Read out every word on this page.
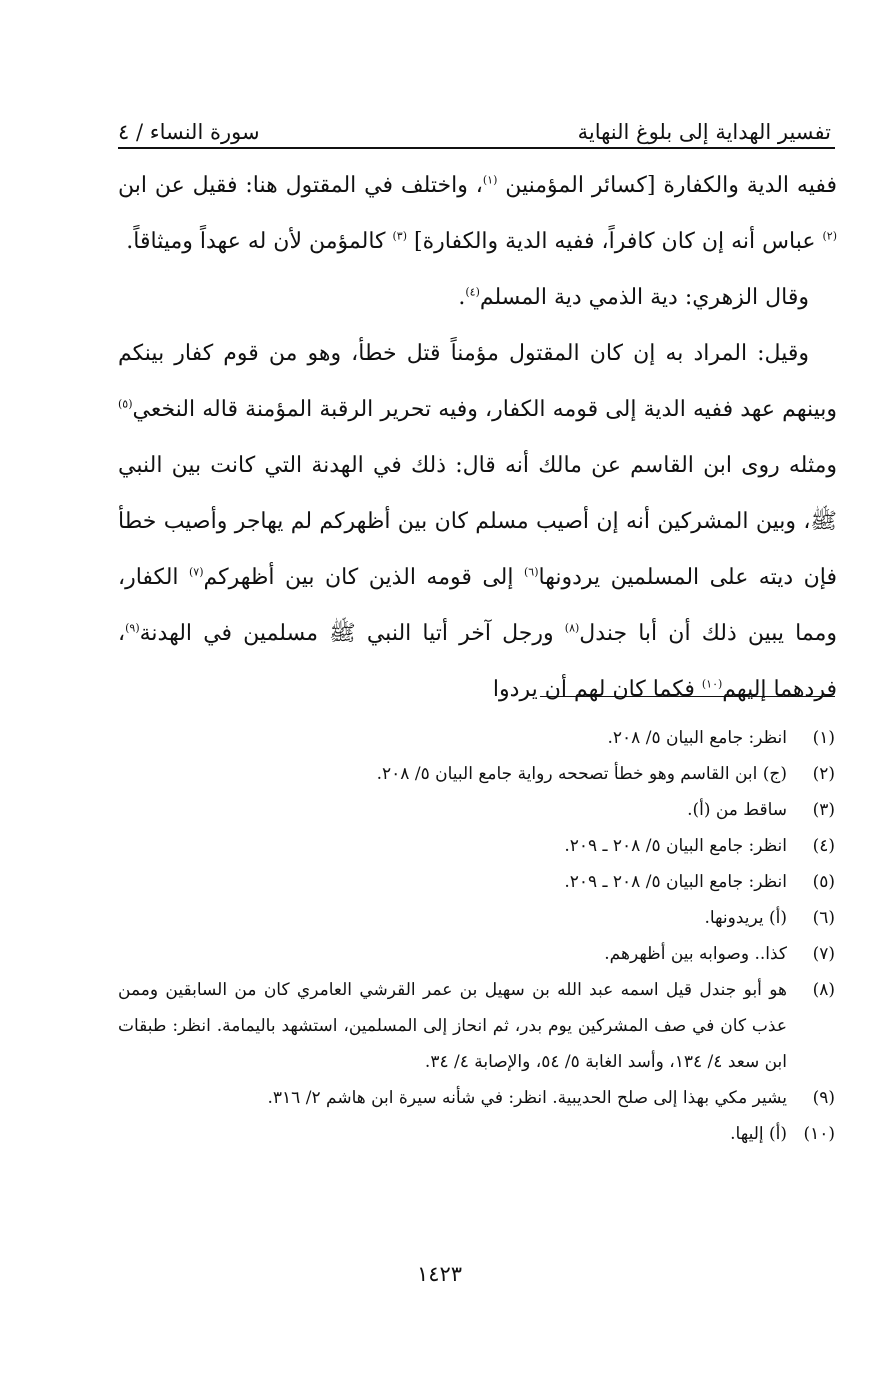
تفسير الهداية إلى بلوغ النهاية
سورة النساء / ٤

ففيه الدية والكفارة [كسائر المؤمنين $^{(١)}$، واختلف في المقتول هنا: فقيل عن ابن $^{(٢)}$ عباس أنه إن كان كافراً، ففيه الدية والكفارة] $^{(٣)}$ كالمؤمن لأن له عهداً وميثاقاً.

وقال الزهري: دية الذمي دية المسلم$^{(٤)}$.

وقيل: المراد به إن كان المقتول مؤمناً قتل خطأ، وهو من قوم كفار بينكم وبينهم عهد ففيه الدية إلى قومه الكفار، وفيه تحرير الرقبة المؤمنة قاله النخعي$^{(٥)}$ ومثله روى ابن القاسم عن مالك أنه قال: ذلك في الهدنة التي كانت بين النبي ﷺ، وبين المشركين أنه إن أصيب مسلم كان بين أظهركم لم يهاجر وأصيب خطأ فإن ديته على المسلمين يردونها$^{(٦)}$ إلى قومه الذين كان بين أظهركم$^{(٧)}$ الكفار، ومما يبين ذلك أن أبا جندل$^{(٨)}$ ورجل آخر أتيا النبي ﷺ مسلمين في الهدنة$^{(٩)}$، فردهما إليهم$^{(١٠)}$ فكما كان لهم أن يردوا

(١)
انظر: جامع البيان ٥/ ٢٠٨.
(٢)
(ج) ابن القاسم وهو خطأ تصححه رواية جامع البيان ٥/ ٢٠٨.
(٣)
ساقط من (أ).
(٤)
انظر: جامع البيان ٥/ ٢٠٨ ـ ٢٠٩.
(٥)
انظر: جامع البيان ٥/ ٢٠٨ ـ ٢٠٩.
(٦)
(أ) يريدونها.
(٧)
كذا.. وصوابه بين أظهرهم.
(٨)
هو أبو جندل قيل اسمه عبد الله بن سهيل بن عمر القرشي العامري كان من السابقين وممن عذب كان في صف المشركين يوم بدر، ثم انحاز إلى المسلمين، استشهد باليمامة. انظر: طبقات ابن سعد ٤/ ١٣٤، وأسد الغابة ٥/ ٥٤، والإصابة ٤/ ٣٤.
(٩)
يشير مكي بهذا إلى صلح الحديبية. انظر: في شأنه سيرة ابن هاشم ٢/ ٣١٦.
(١٠)
(أ) إليها.
١٤٢٣
